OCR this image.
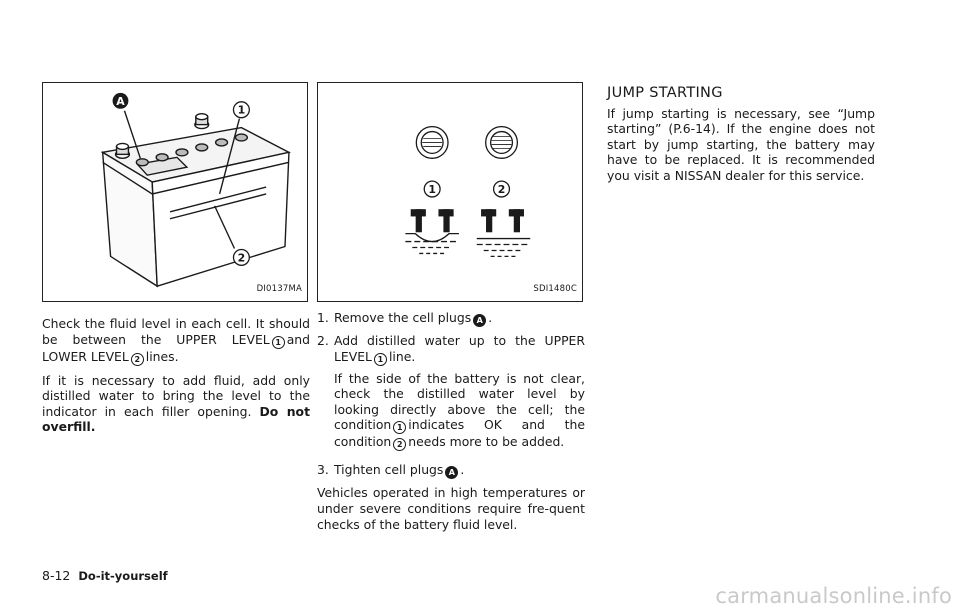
A
1
2
DI0137MA

Check the fluid level in each cell. It should be between the UPPER LEVEL 1 and LOWER LEVEL 2 lines.

If it is necessary to add fluid, add only distilled water to bring the level to the indicator in each filler opening. Do not overfill.

1	2
SDI1480C
1. Remove the cell plugs A .
2. Add distilled water up to the UPPER LEVEL 1 line.

If the side of the battery is not clear, check the distilled water level by looking directly above the cell; the condition 1 indicates OK and the condition 2 needs more to be added.

3. Tighten cell plugs A .

Vehicles operated in high temperatures or under severe conditions require fre-quent checks of the battery fluid level.

JUMP STARTING

If jump starting is necessary, see “Jump starting” (P.6-14). If the engine does not start by jump starting, the battery may have to be replaced. It is recommended you visit a NISSAN dealer for this service.

8-12 Do-it-yourself
carmanualsonline.info
